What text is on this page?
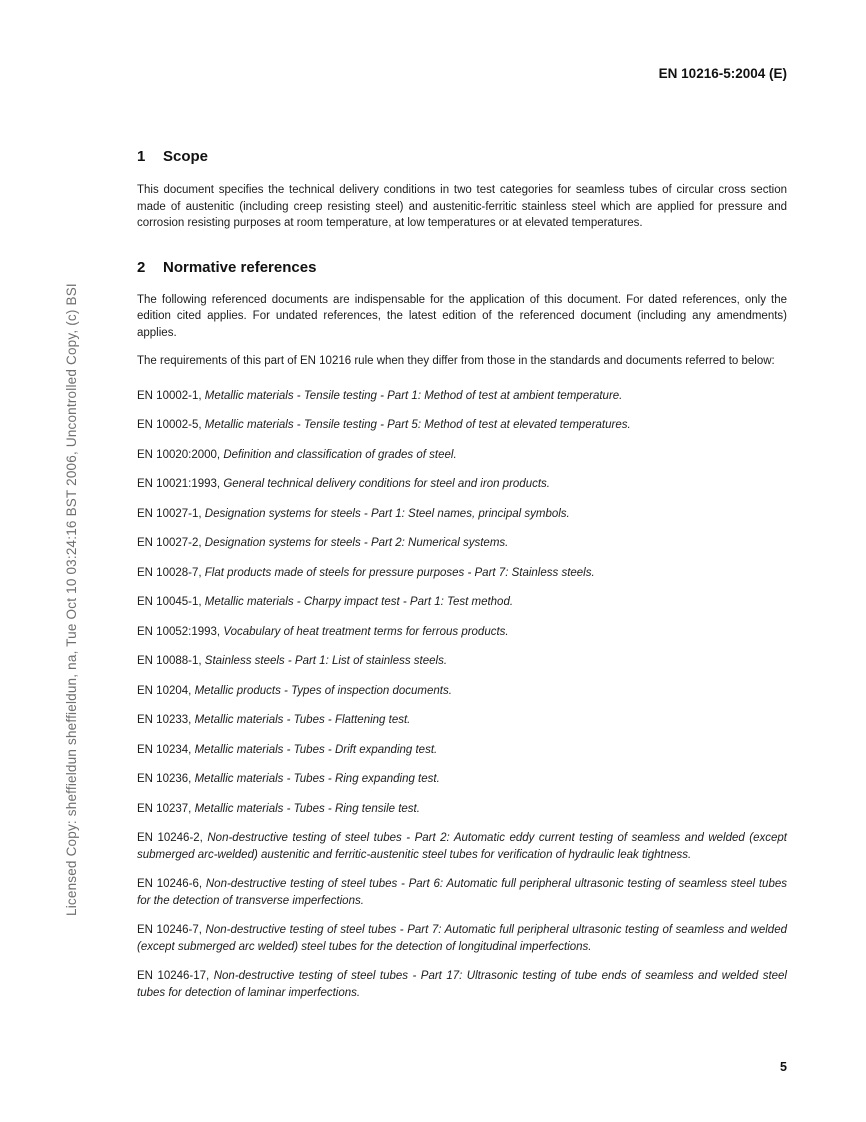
Licensed Copy: sheffieldun sheffieldun, na, Tue Oct 10 03:24:16 BST 2006, Uncontrolled Copy, (c) BSI
EN 10216-5:2004 (E)
1 Scope

This document specifies the technical delivery conditions in two test categories for seamless tubes of circular cross section made of austenitic (including creep resisting steel) and austenitic-ferritic stainless steel which are applied for pressure and corrosion resisting purposes at room temperature, at low temperatures or at elevated temperatures.

2 Normative references

The following referenced documents are indispensable for the application of this document. For dated references, only the edition cited applies. For undated references, the latest edition of the referenced document (including any amendments) applies.

The requirements of this part of EN 10216 rule when they differ from those in the standards and documents referred to below:

EN 10002-1, Metallic materials - Tensile testing - Part 1: Method of test at ambient temperature.

EN 10002-5, Metallic materials - Tensile testing - Part 5: Method of test at elevated temperatures.

EN 10020:2000, Definition and classification of grades of steel.

EN 10021:1993, General technical delivery conditions for steel and iron products.

EN 10027-1, Designation systems for steels - Part 1: Steel names, principal symbols.

EN 10027-2, Designation systems for steels - Part 2: Numerical systems.

EN 10028-7, Flat products made of steels for pressure purposes - Part 7: Stainless steels.

EN 10045-1, Metallic materials - Charpy impact test - Part 1: Test method.

EN 10052:1993, Vocabulary of heat treatment terms for ferrous products.

EN 10088-1, Stainless steels - Part 1: List of stainless steels.

EN 10204, Metallic products - Types of inspection documents.

EN 10233, Metallic materials - Tubes - Flattening test.

EN 10234, Metallic materials - Tubes - Drift expanding test.

EN 10236, Metallic materials - Tubes - Ring expanding test.

EN 10237, Metallic materials - Tubes - Ring tensile test.

EN 10246-2, Non-destructive testing of steel tubes - Part 2: Automatic eddy current testing of seamless and welded (except submerged arc-welded) austenitic and ferritic-austenitic steel tubes for verification of hydraulic leak tightness.

EN 10246-6, Non-destructive testing of steel tubes - Part 6: Automatic full peripheral ultrasonic testing of seamless steel tubes for the detection of transverse imperfections.

EN 10246-7, Non-destructive testing of steel tubes - Part 7: Automatic full peripheral ultrasonic testing of seamless and welded (except submerged arc welded) steel tubes for the detection of longitudinal imperfections.

EN 10246-17, Non-destructive testing of steel tubes - Part 17: Ultrasonic testing of tube ends of seamless and welded steel tubes for detection of laminar imperfections.

5
